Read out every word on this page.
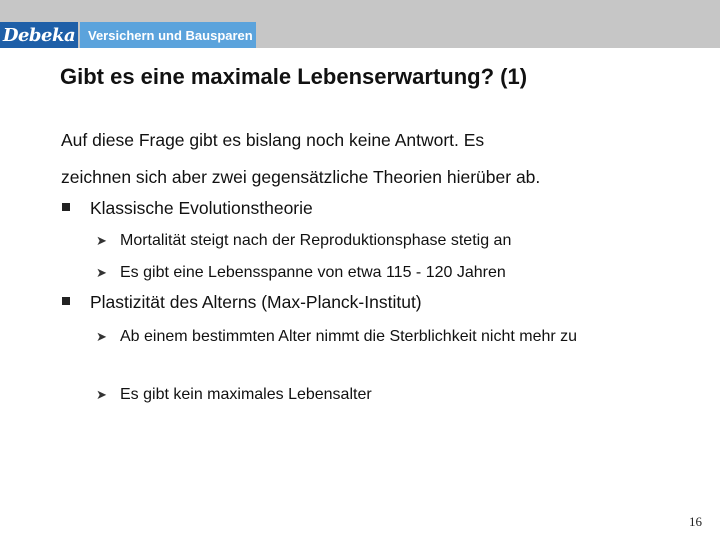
Debeka Versichern und Bausparen
Gibt es eine maximale Lebenserwartung? (1)
Auf diese Frage gibt es bislang noch keine Antwort. Es
zeichnen sich aber zwei gegensätzliche Theorien hierüber ab.
Klassische Evolutionstheorie
➤ Mortalität steigt nach der Reproduktionsphase stetig an
➤ Es gibt eine Lebensspanne von etwa 115 - 120 Jahren
Plastizität des Alterns (Max-Planck-Institut)
➤ Ab einem bestimmten Alter nimmt die Sterblichkeit nicht mehr zu
➤ Es gibt kein maximales Lebensalter
16
